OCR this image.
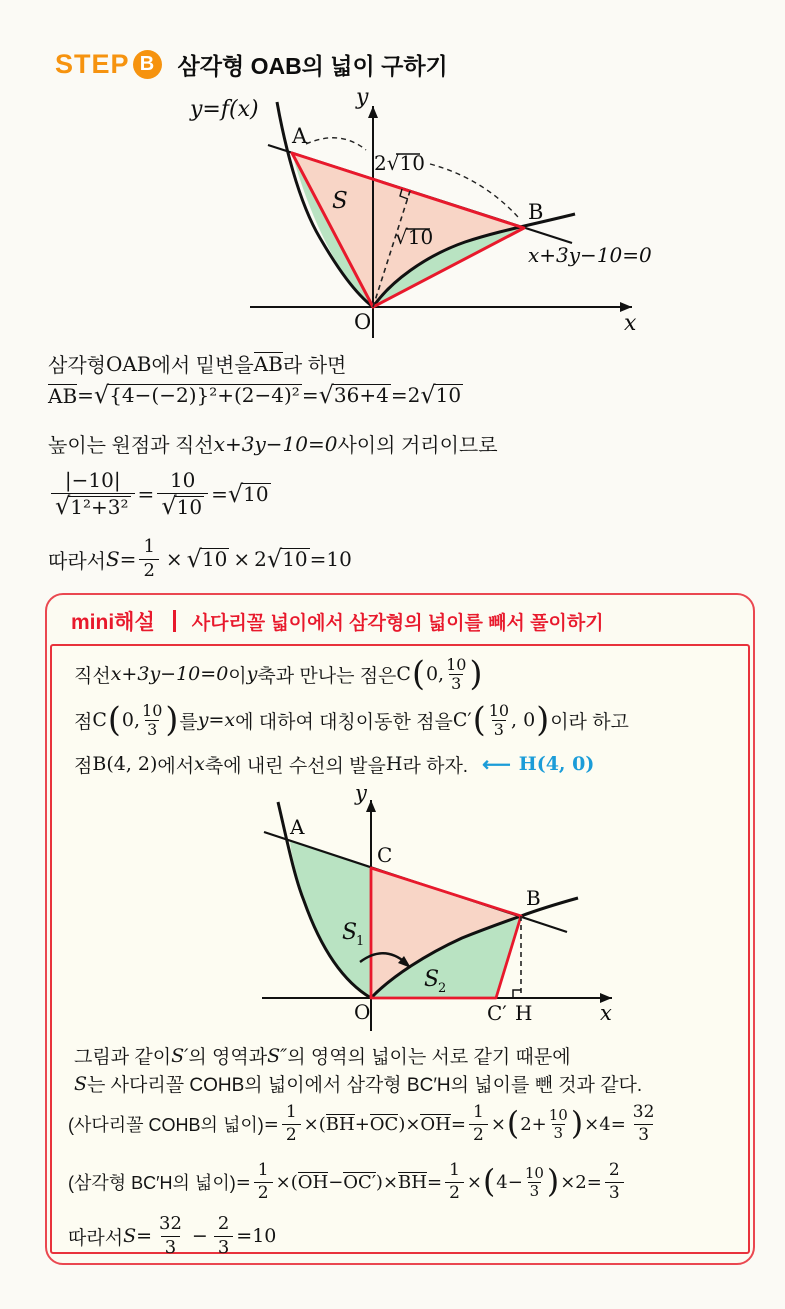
STEP B	삼각형 OAB의 넓이 구하기
y=f(x)	y
x
O
A
B
S
2√10
√10
x+3y−10=0
삼각형 OAB 에서 밑변을 AB 라 하면
AB = √ {4−(−2)}²+(2−4)² = √ 36+4 = 2 √ 10
높이는 원점과 직선 x+3y−10=0 사이의 거리이므로
$\frac{|-10|}{\text{√1²+3²}} = \frac{10}{√10}$ = √ 10
따라서 $S = \frac{1}{2}$ × √ 10 × 2 √ 10 = 10
mini해설 사다리꼴 넓이에서 삼각형의 넓이를 빼서 풀이하기
직선 x+3y−10=0 이 y 축과 만나는 점은 C ( 0, $\frac{10}{3}$ )
점 C ( 0, $\frac{10}{3}$ ) 를 y=x 에 대하여 대칭이동한 점을 C′ ( $\frac{10}{3}$ , 0 ) 이라 하고
점 B(4, 2) 에서 x 축에 내린 수선의 발을 H 라 하자. ⟵ H(4, 0)
y
x
O
A
C
B
C′ H
S
1
S
2
그림과 같이 S′ 의 영역과 S″ 의 영역의 넓이는 서로 같기 때문에
S 는 사다리꼴 COHB의 넓이에서 삼각형 BC′H의 넓이를 뺀 것과 같다.
(사다리꼴 COHB의 넓이) = $\frac{1}{2}$ ×( BH + OC )× OH = $\frac{1}{2}$ × ( $2+ \frac{10}{3}$ ) $\times 4 = \frac{32}{3}$
(삼각형 BC′H의 넓이) = $\frac{1}{2}$ ×( OH − OC′ )× BH = $\frac{1}{2}$ × ( $4- \frac{10}{3}$ ) $\times 2 = \frac{2}{3}$
따라서 $S = \frac{32}{3} - \frac{2}{3} = 10$
